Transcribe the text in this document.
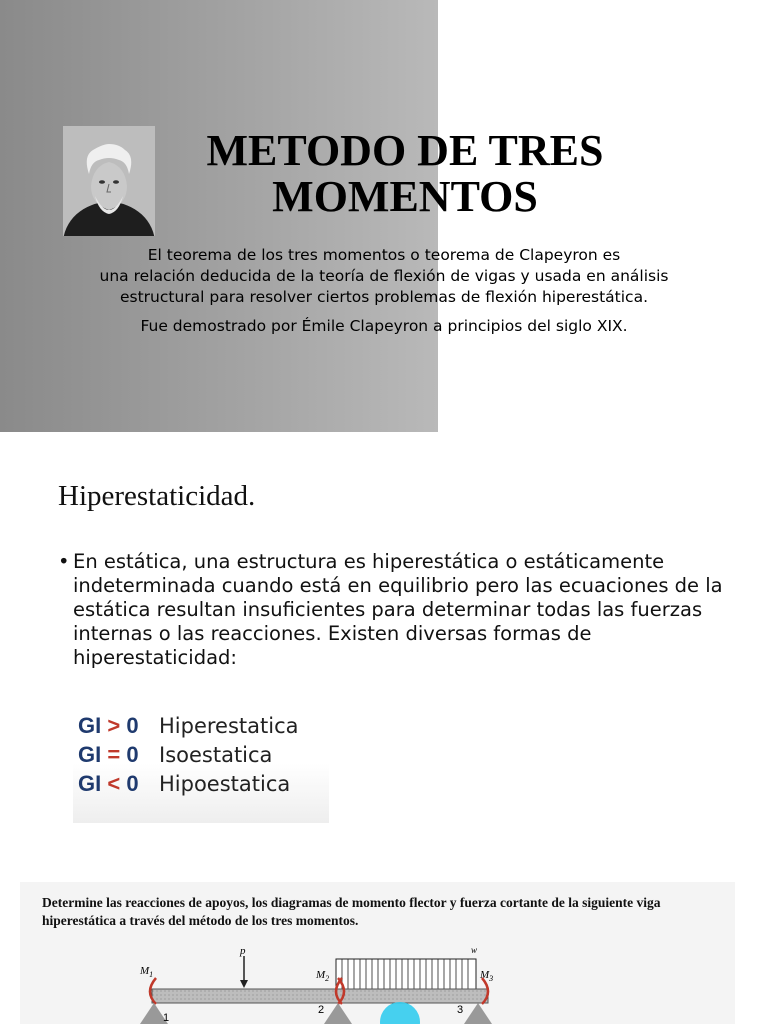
METODO DE TRES
MOMENTOS

El teorema de los tres momentos o teorema de Clapeyron es

una relación deducida de la teoría de flexión de vigas y usada en análisis

estructural para resolver ciertos problemas de flexión hiperestática.

Fue demostrado por Émile Clapeyron a principios del siglo XIX.

Hiperestaticidad.
• En estática, una estructura es hiperestática o estáticamente indeterminada cuando está en equilibrio pero las ecuaciones de la estática resultan insuficientes para determinar todas las fuerzas internas o las reacciones. Existen diversas formas de hiperestaticidad:
GI > 0 Hiperestatica
GI = 0 Isoestatica
GI < 0 Hipoestatica
Determine las reacciones de apoyos, los diagramas de momento flector y fuerza cortante de la siguiente viga hiperestática a través del método de los tres momentos.
w
p
$M_1$	$M_2$	$M_3$
1
2	3
